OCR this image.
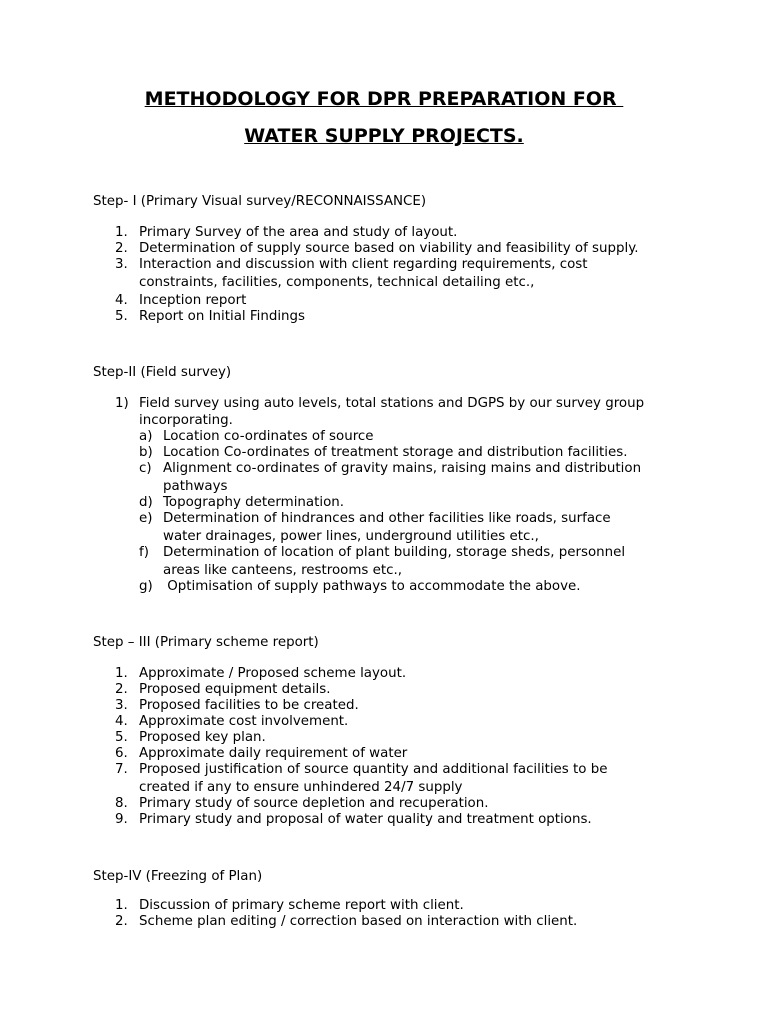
METHODOLOGY FOR DPR PREPARATION FOR
WATER SUPPLY PROJECTS.
Step- I (Primary Visual survey/RECONNAISSANCE)
1. Primary Survey of the area and study of layout.
2. Determination of supply source based on viability and feasibility of supply.
3. Interaction and discussion with client regarding requirements, cost
constraints, facilities, components, technical detailing etc.,
4. Inception report
5. Report on Initial Findings
Step-II (Field survey)
1) Field survey using auto levels, total stations and DGPS by our survey group
incorporating.
a) Location co-ordinates of source
b) Location Co-ordinates of treatment storage and distribution facilities.
c) Alignment co-ordinates of gravity mains, raising mains and distribution
pathways
d) Topography determination.
e) Determination of hindrances and other facilities like roads, surface
water drainages, power lines, underground utilities etc.,
f) Determination of location of plant building, storage sheds, personnel
areas like canteens, restrooms etc.,
g) Optimisation of supply pathways to accommodate the above.
Step – III (Primary scheme report)
1. Approximate / Proposed scheme layout.
2. Proposed equipment details.
3. Proposed facilities to be created.
4. Approximate cost involvement.
5. Proposed key plan.
6. Approximate daily requirement of water
7. Proposed justification of source quantity and additional facilities to be
created if any to ensure unhindered 24/7 supply
8. Primary study of source depletion and recuperation.
9. Primary study and proposal of water quality and treatment options.
Step-IV (Freezing of Plan)
1. Discussion of primary scheme report with client.
2. Scheme plan editing / correction based on interaction with client.
